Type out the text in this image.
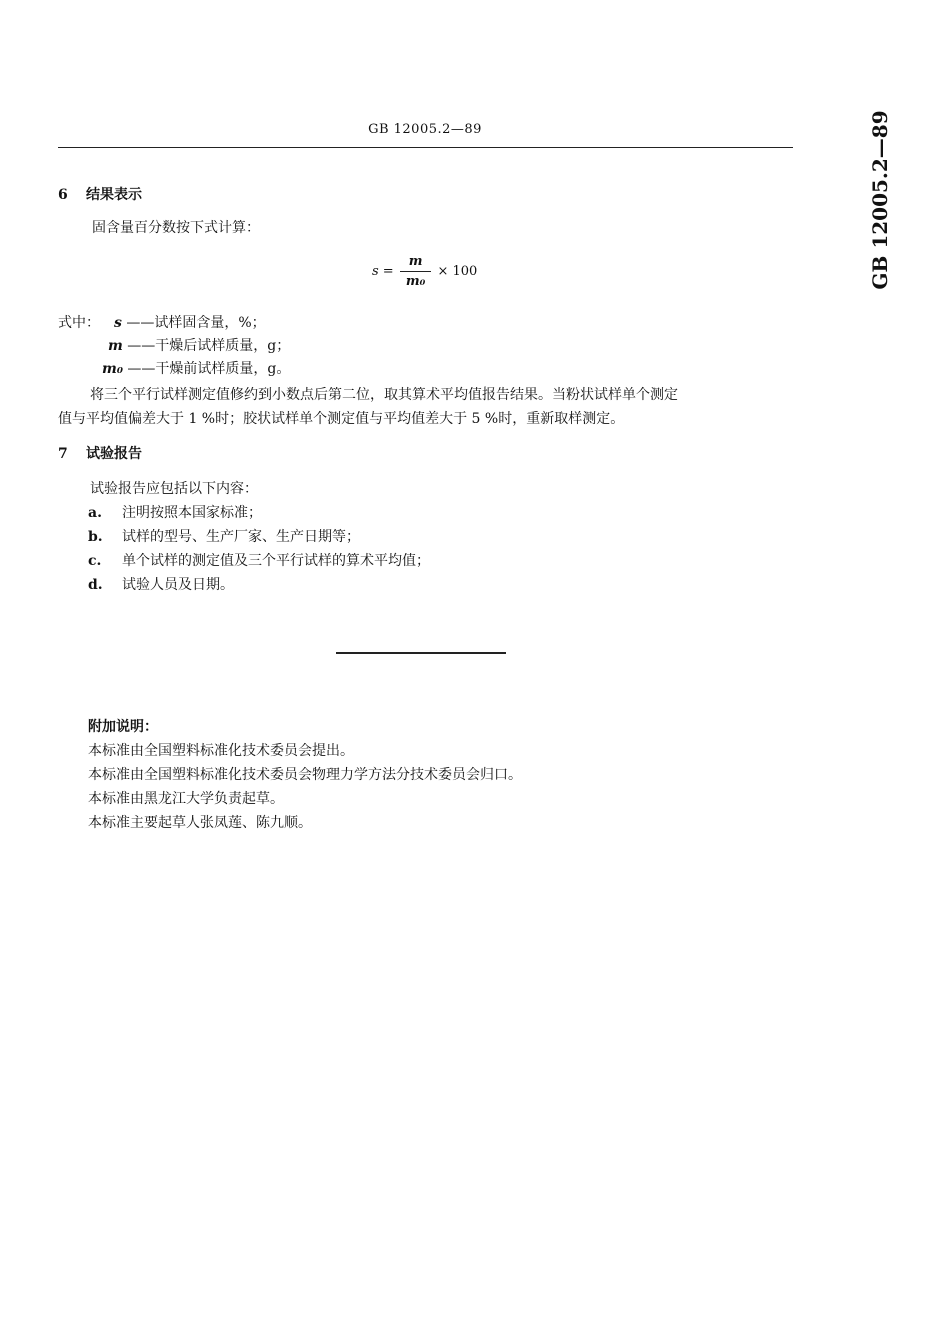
GB 12005.2—89	GB 12005.2—89
6 结果表示
固含量百分数按下式计算：
$s = \frac{m}{\text{m₀}} \times 100$
式中： s ——试样固含量，%；
m ——干燥后试样质量，g；
m₀ ——干燥前试样质量，g。
将三个平行试样测定值修约到小数点后第二位，取其算术平均值报告结果。当粉状试样单个测定
值与平均值偏差大于 1 %时；胶状试样单个测定值与平均值差大于 5 %时，重新取样测定。
7 试验报告
试验报告应包括以下内容：
a. 注明按照本国家标准；
b. 试样的型号、生产厂家、生产日期等；
c. 单个试样的测定值及三个平行试样的算术平均值；
d. 试验人员及日期。
附加说明：
本标准由全国塑料标准化技术委员会提出。
本标准由全国塑料标准化技术委员会物理力学方法分技术委员会归口。
本标准由黑龙江大学负责起草。
本标准主要起草人张凤莲、陈九顺。
